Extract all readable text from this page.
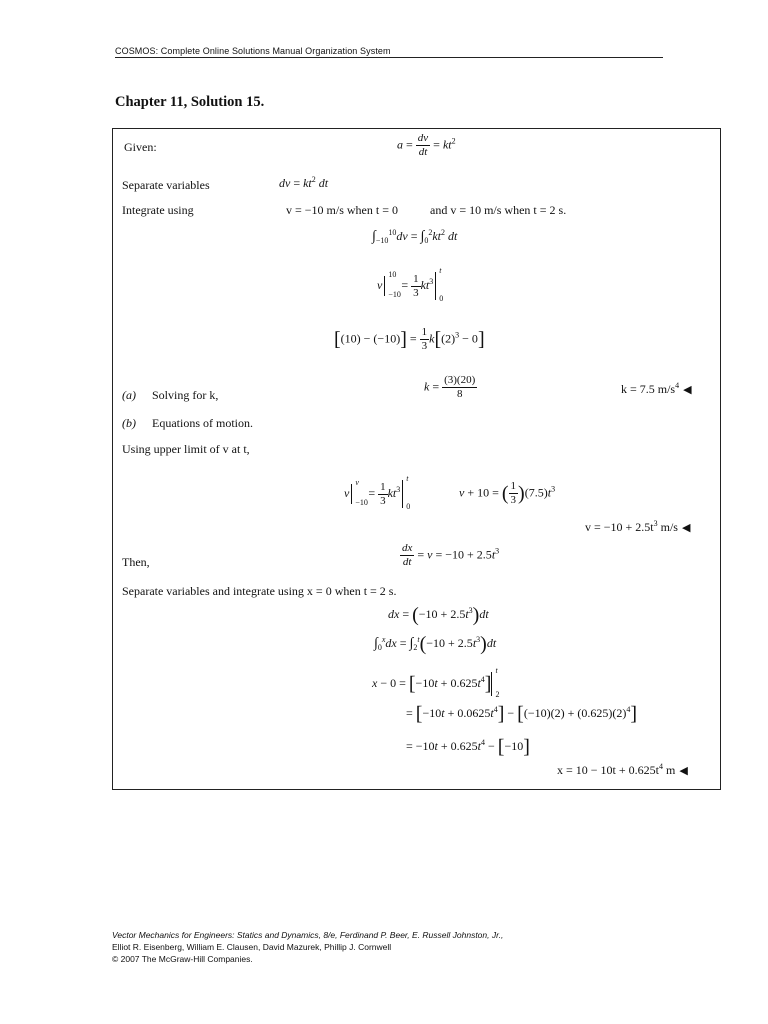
COSMOS: Complete Online Solutions Manual Organization System
Chapter 11, Solution 15.
Given:	$a = \frac{dv}{dt} = kt^2$
Separate variables	dv = $kt^2$ dt
Integrate using	v = −10 m/s when t = 0	and v = 10 m/s when t = 2 s.
$\int_{-10}^{10}dv = \int_0^2kt^2$ dt
v
10
−10
= $\frac{1}{3} kt^3$
t
0
$[(10) - (-10)] = \frac{1}{3} k[(2)^3 - 0]$
(a) Solving for k,
$k = \frac{(3)(20)}{8}$	k = 7.5 $m/s^4$ ◀
(b) Equations of motion.
Using upper limit of v at t,
v
v
−10
= $\frac{1}{3} kt^3$
t
0
v + 10 = ( $\frac{1}{3} )(7.5)t^3$
$v = -10 + 2.5t^3$ m/s ◀
Then,	$\frac{dx}{dt} = v = -10 + 2.5t^3$
Separate variables and integrate using x = 0 when t = 2 s.
dx = $(-10 + 2.5t^3)dt$
$\int_0^xdx = \int_2^t(-10 + 2.5t^3)dt$
$x - 0 = [-10t + 0.625t^4]$
t
2
= $[-10t + 0.0625t^4] - [(-10)(2) + (0.625)(2)^4]$
= $-10t + 0.625t^4 - [-10]$
$x = 10 - 10t + 0.625t^4$ m ◀
Vector Mechanics for Engineers: Statics and Dynamics, 8/e, Ferdinand P. Beer, E. Russell Johnston, Jr.,
Elliot R. Eisenberg, William E. Clausen, David Mazurek, Phillip J. Cornwell
© 2007 The McGraw-Hill Companies.
